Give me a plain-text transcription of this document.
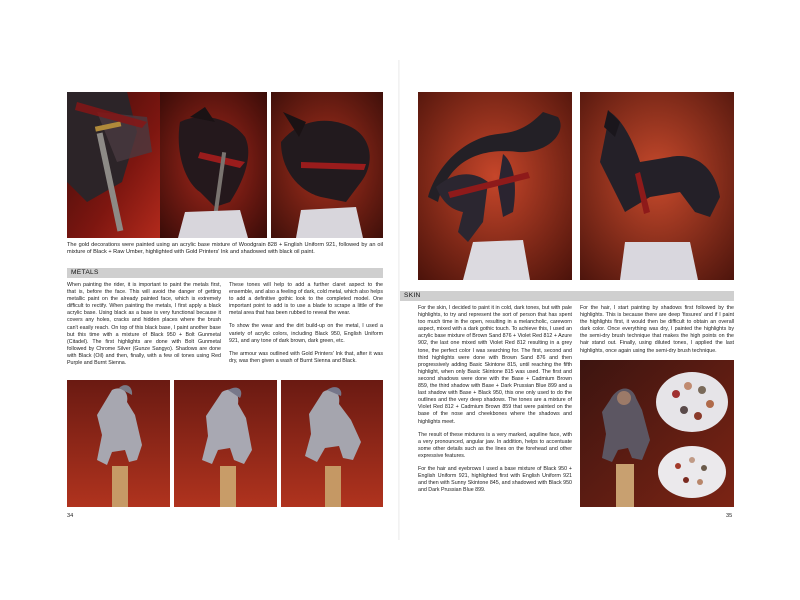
The gold decorations were painted using an acrylic base mixture of Woodgrain 828 + English Uniform 921, followed by an oil mixture of Black + Raw Umber, highlighted with Gold Printers' Ink and shadowed with black oil paint.
METALS

When painting the rider, it is important to paint the metals first, that is, before the face. This will avoid the danger of getting metallic paint on the already painted face, which is extremely difficult to rectify. When painting the metals, I first apply a black acrylic base. Using black as a base is very functional because it covers any holes, cracks and hidden places where the brush can't easily reach. On top of this black base, I paint another base but this time with a mixture of Black 950 + Bolt Gunmetal (Citadel). The first highlights are done with Bolt Gunmetal followed by Chrome Silver (Gunze Sangyo). Shadows are done with Black (Oil) and then, finally, with a few oil tones using Red Purple and Burnt Sienna.

These tones will help to add a further claret aspect to the ensemble, and also a feeling of dark, cold metal, which also helps to add a definitive gothic look to the completed model. One important point to add is to use a blade to scrape a little of the metal area that has been rubbed to reveal the wear.

To show the wear and the dirt build-up on the metal, I used a variety of acrylic colors, including Black 950, English Uniform 921, and any tone of dark brown, dark green, etc.

The armour was outlined with Gold Printers' Ink that, after it was dry, was then given a wash of Burnt Sienna and Black.

34
SKIN

For the skin, I decided to paint it in cold, dark tones, but with pale highlights, to try and represent the sort of person that has spent too much time in the open, resulting in a melancholic, careworn aspect, mixed with a dark gothic touch. To achieve this, I used an acrylic base mixture of Brown Sand 876 + Violet Red 812 + Azure 902, the last one mixed with Violet Red 812 resulting in a grey tone, the perfect color I was searching for. The first, second and third highlights were done with Brown Sand 876 and then progressively adding Basic Skintone 815, until reaching the fifth highlight, when only Basic Skintone 815 was used. The first and second shadows were done with the Base + Cadmium Brown 859, the third shadow with Base + Dark Prussian Blue 899 and a last shadow with Base + Black 950, this one only used to do the outlines and the very deep shadows. The tones are a mixture of Violet Red 812 + Cadmium Brown 859 that were painted on the base of the nose and cheekbones where the shadows and highlights meet.

The result of these mixtures is a very marked, aquiline face, with a very pronounced, angular jaw. In addition, helps to accentuate some other details such as the lines on the forehead and other expressive features.

For the hair and eyebrows I used a base mixture of Black 950 + English Uniform 921, highlighted first with English Uniform 921 and then with Sunny Skintone 845, and shadowed with Black 950 and Dark Prussian Blue 899.

For the hair, I start painting by shadows first followed by the highlights. This is because there are deep 'fissures' and if I paint the highlights first, it would then be difficult to obtain an overall dark color. Once everything was dry, I painted the highlights by the semi-dry brush technique that makes the high points on the hair stand out. Finally, using diluted tones, I applied the last highlights, once again using the semi-dry brush technique.

35
